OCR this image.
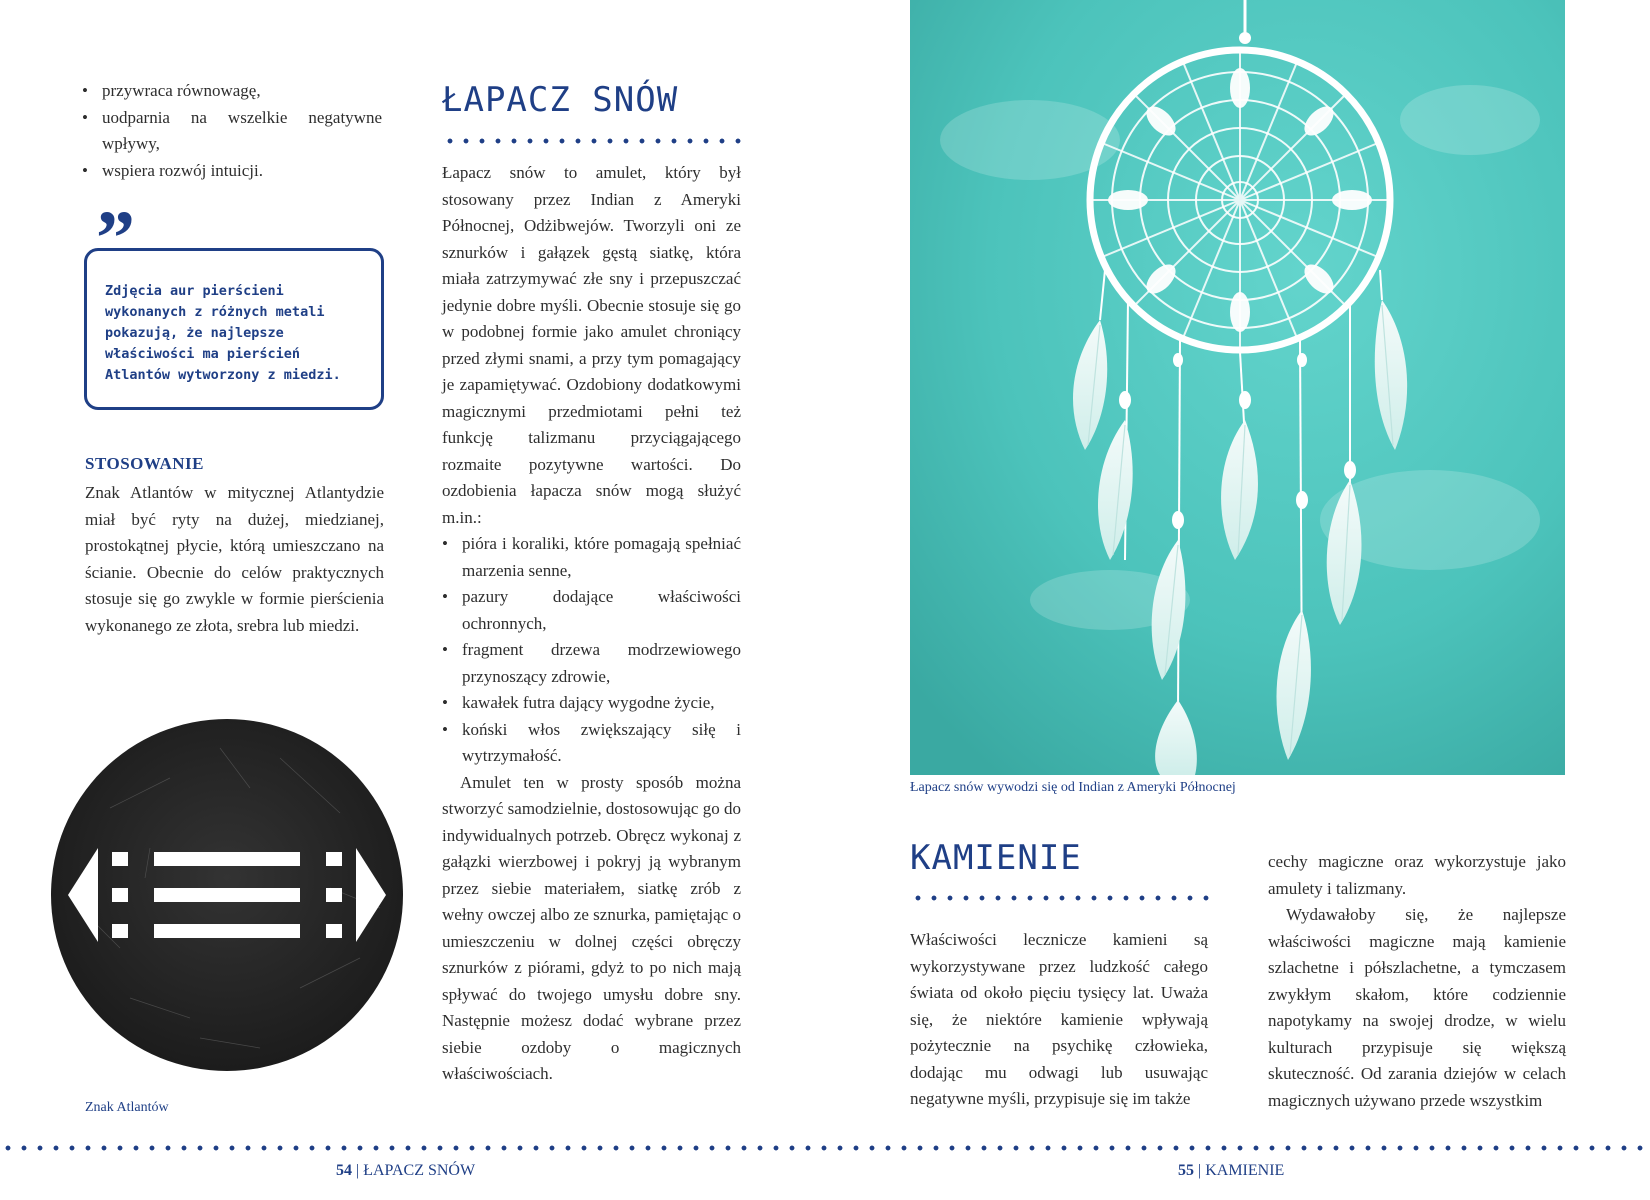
• przywraca równowagę,
• uodparnia na wszelkie negatywne wpływy,
• wspiera rozwój intuicji.
”
Zdjęcia aur pierścieni wykonanych z różnych metali pokazują, że najlepsze właściwości ma pierścień Atlantów wytworzony z miedzi.
STOSOWANIE

Znak Atlantów w mitycznej Atlantydzie miał być ryty na dużej, miedzianej, prostokątnej płycie, którą umieszczano na ścianie. Obecnie do celów praktycznych stosuje się go zwykle w formie pierścienia wykonanego ze złota, srebra lub miedzi.

Znak Atlantów
ŁAPACZ SNÓW

Łapacz snów to amulet, który był stosowany przez Indian z Ameryki Północnej, Odżibwejów. Tworzyli oni ze sznurków i gałązek gęstą siatkę, która miała zatrzymywać złe sny i przepuszczać jedynie dobre myśli. Obecnie stosuje się go w podobnej formie jako amulet chroniący przed złymi snami, a przy tym pomagający je zapamiętywać. Ozdobiony dodatkowymi magicznymi przedmiotami pełni też funkcję talizmanu przyciągającego rozmaite pozytywne wartości. Do ozdobienia łapacza snów mogą służyć m.in.:

• pióra i koraliki, które pomagają spełniać marzenia senne,
• pazury dodające właściwości ochronnych,
• fragment drzewa modrzewiowego przynoszący zdrowie,
• kawałek futra dający wygodne życie,
• koński włos zwiększający siłę i wytrzymałość.

Amulet ten w prosty sposób można stworzyć samodzielnie, dostosowując go do indywidualnych potrzeb. Obręcz wykonaj z gałązki wierzbowej i pokryj ją wybranym przez siebie materiałem, siatkę zrób z wełny owczej albo ze sznurka, pamiętając o umieszczeniu w dolnej części obręczy sznurków z piórami, gdyż to po nich mają spływać do twojego umysłu dobre sny. Następnie możesz dodać wybrane przez siebie ozdoby o magicznych właściwościach.

Łapacz snów wywodzi się od Indian z Ameryki Północnej
KAMIENIE

Właściwości lecznicze kamieni są wykorzystywane przez ludzkość całego świata od około pięciu tysięcy lat. Uważa się, że niektóre kamienie wpływają pożytecznie na psychikę człowieka, dodając mu odwagi lub usuwając negatywne myśli, przypisuje się im także

cechy magiczne oraz wykorzystuje jako amulety i talizmany.

Wydawałoby się, że najlepsze właściwości magiczne mają kamienie szlachetne i półszlachetne, a tymczasem zwykłym skałom, które codziennie napotykamy na swojej drodze, w wielu kulturach przypisuje się większą skuteczność. Od zarania dziejów w celach magicznych używano przede wszystkim

54 | ŁAPACZ SNÓW	55 | KAMIENIE
